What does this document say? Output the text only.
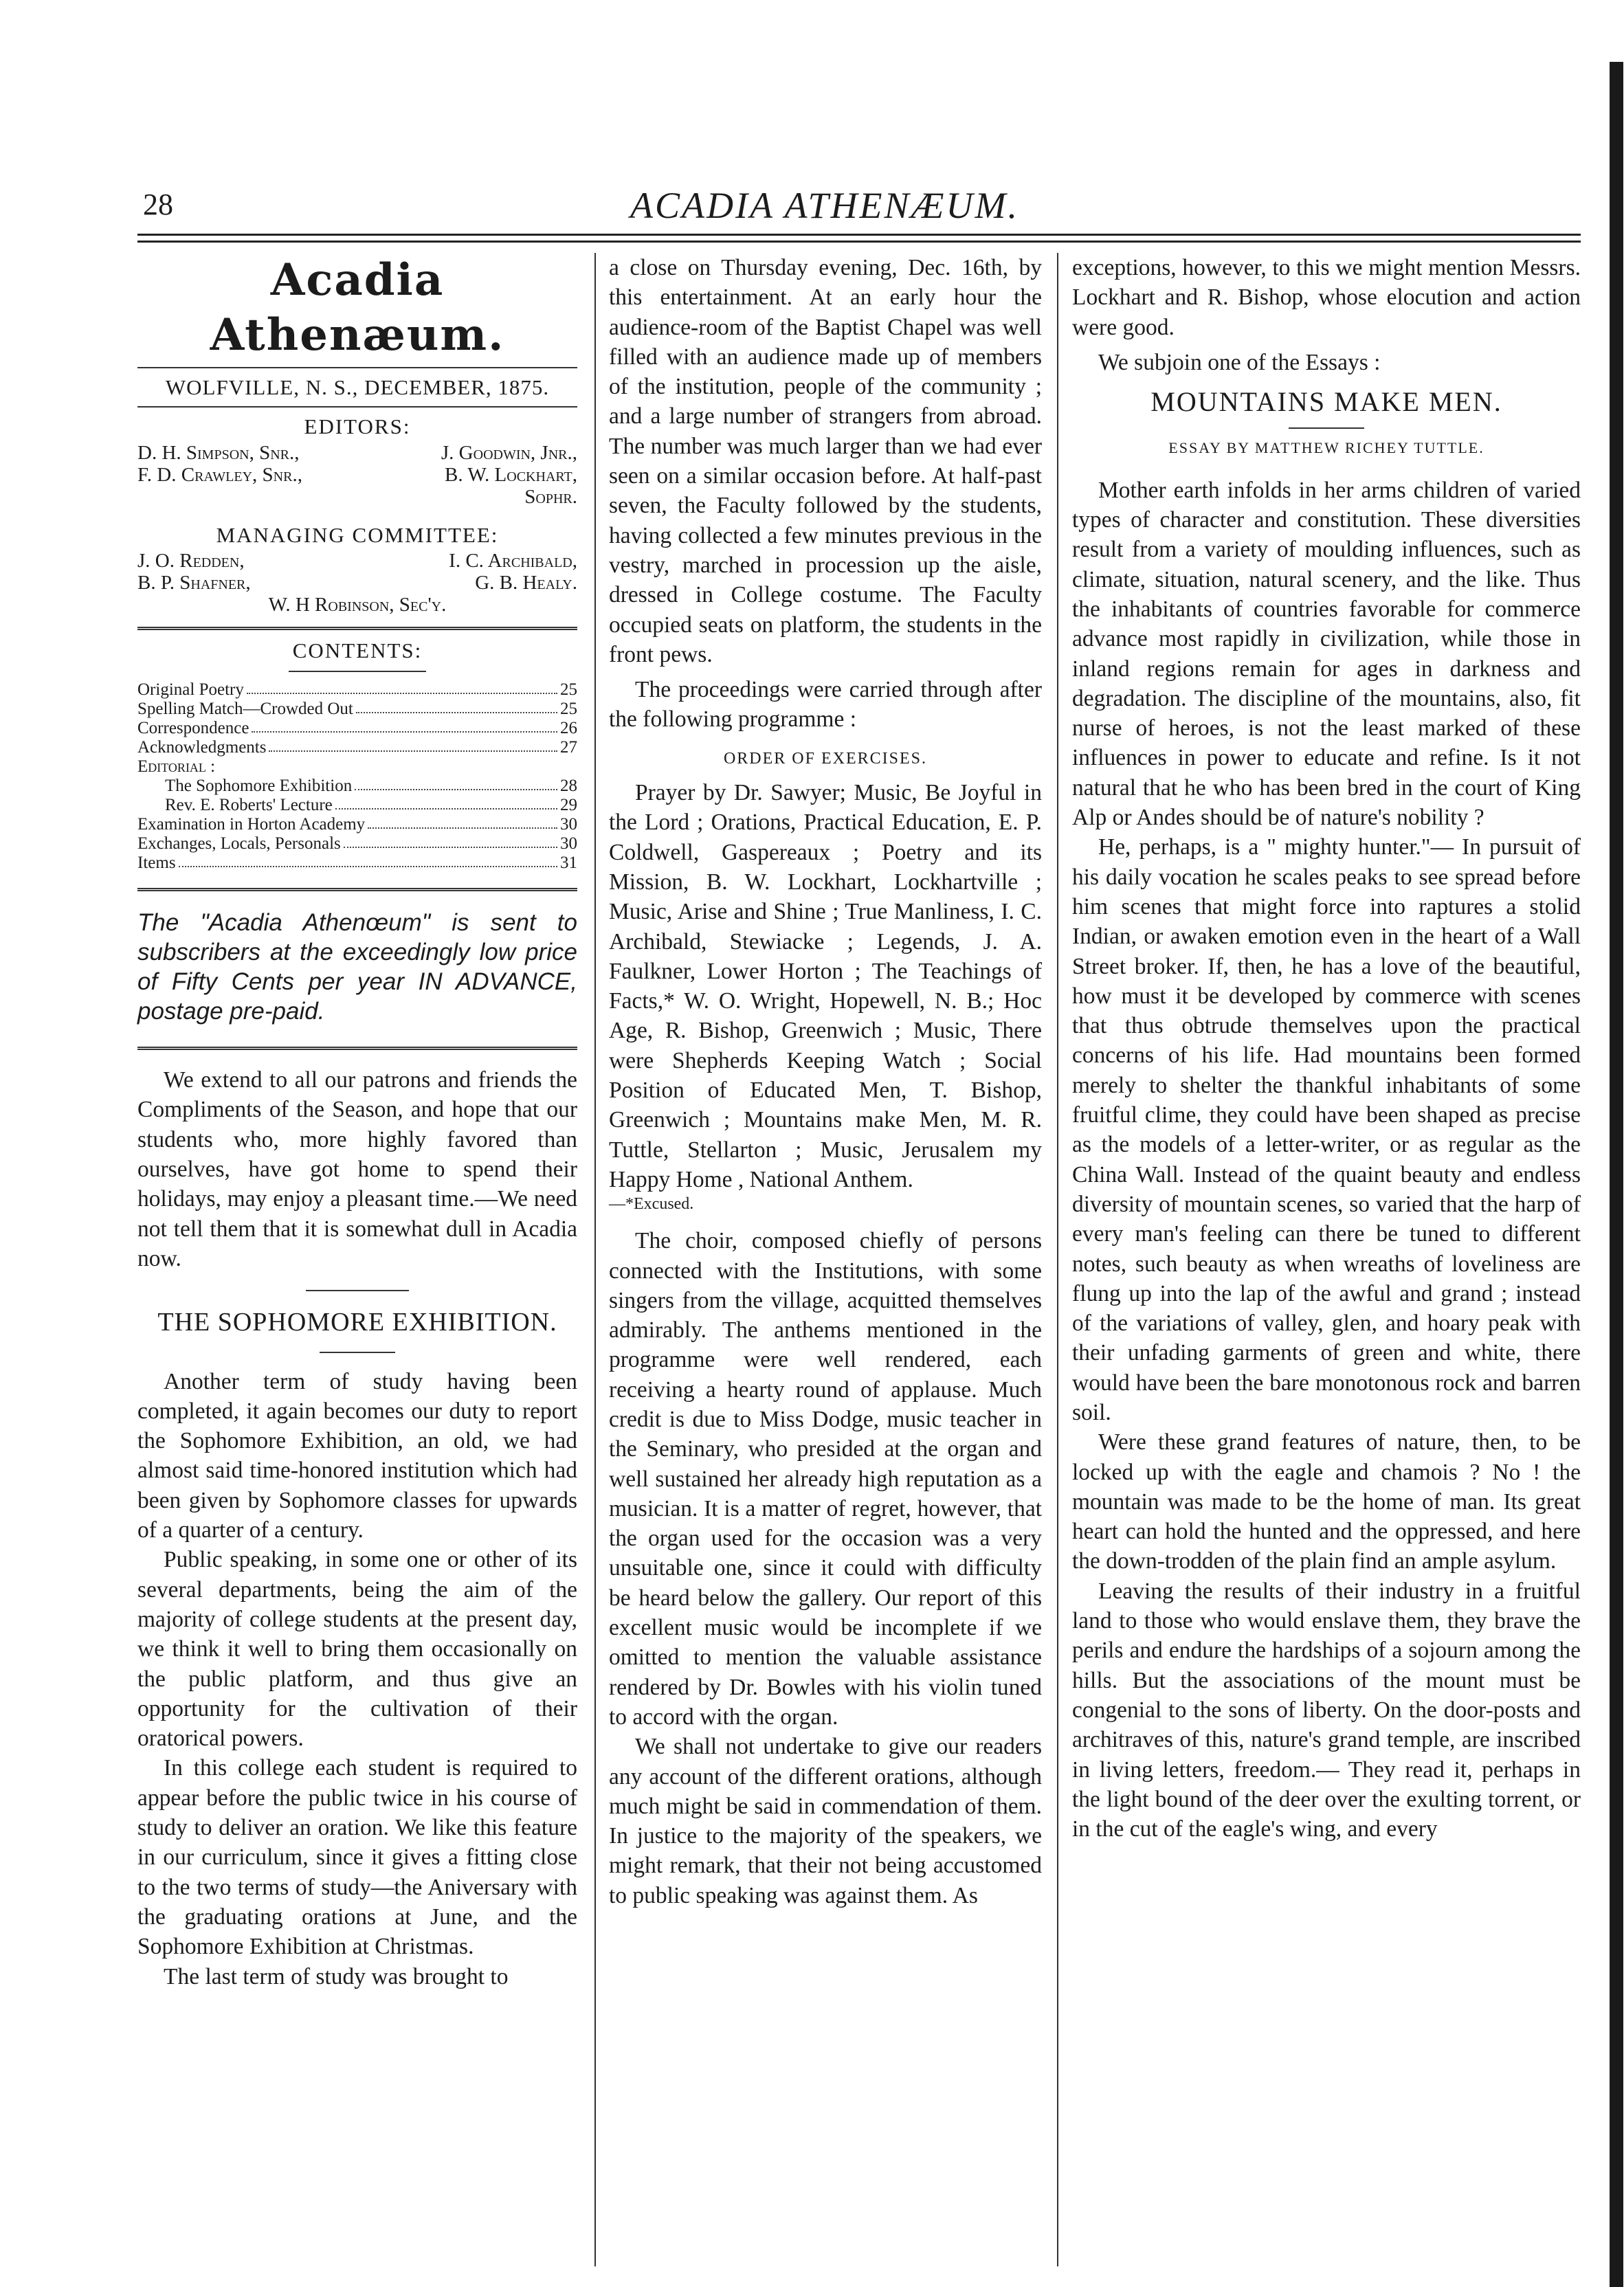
28	ACADIA ATHENÆUM.
Acadia Athenæum.
WOLFVILLE, N. S., DECEMBER, 1875.
EDITORS:
D. H. Simpson, Snr.,	J. Goodwin, Jnr.,
F. D. Crawley, Snr.,	B. W. Lockhart,
Sophr.
MANAGING COMMITTEE:
J. O. Redden,	I. C. Archibald,
B. P. Shafner,	G. B. Healy.
W. H Robinson, Sec'y.
CONTENTS:
Original Poetry	25
Spelling Match—Crowded Out	25
Correspondence	26
Acknowledgments	27
Editorial :
The Sophomore Exhibition	28
Rev. E. Roberts' Lecture	29
Examination in Horton Academy	30
Exchanges, Locals, Personals	30
Items	31
The "Acadia Athenœum" is sent to subscribers at the exceedingly low price of Fifty Cents per year IN ADVANCE, postage pre-paid.

We extend to all our patrons and friends the Compliments of the Season, and hope that our students who, more highly favored than ourselves, have got home to spend their holidays, may enjoy a pleasant time.—We need not tell them that it is somewhat dull in Acadia now.

THE SOPHOMORE EXHIBITION.

Another term of study having been completed, it again becomes our duty to report the Sophomore Exhibition, an old, we had almost said time-honored institution which had been given by Sophomore classes for upwards of a quarter of a century.

Public speaking, in some one or other of its several departments, being the aim of the majority of college students at the present day, we think it well to bring them occasionally on the public platform, and thus give an opportunity for the cultivation of their oratorical powers.

In this college each student is required to appear before the public twice in his course of study to deliver an oration. We like this feature in our curriculum, since it gives a fitting close to the two terms of study—the Aniversary with the graduating orations at June, and the Sophomore Exhibition at Christmas.

The last term of study was brought to

a close on Thursday evening, Dec. 16th, by this entertainment. At an early hour the audience-room of the Baptist Chapel was well filled with an audience made up of members of the institution, people of the community ; and a large number of strangers from abroad. The number was much larger than we had ever seen on a similar occasion before. At half-past seven, the Faculty followed by the students, having collected a few minutes previous in the vestry, marched in procession up the aisle, dressed in College costume. The Faculty occupied seats on platform, the students in the front pews.

The proceedings were carried through after the following programme :

ORDER OF EXERCISES.

Prayer by Dr. Sawyer; Music, Be Joyful in the Lord ; Orations, Practical Education, E. P. Coldwell, Gaspereaux ; Poetry and its Mission, B. W. Lockhart, Lockhartville ; Music, Arise and Shine ; True Manliness, I. C. Archibald, Stewiacke ; Legends, J. A. Faulkner, Lower Horton ; The Teachings of Facts,* W. O. Wright, Hopewell, N. B.; Hoc Age, R. Bishop, Greenwich ; Music, There were Shepherds Keeping Watch ; Social Position of Educated Men, T. Bishop, Greenwich ; Mountains make Men, M. R. Tuttle, Stellarton ; Music, Jerusalem my Happy Home , National Anthem.

—*Excused.

The choir, composed chiefly of persons connected with the Institutions, with some singers from the village, acquitted themselves admirably. The anthems mentioned in the programme were well rendered, each receiving a hearty round of applause. Much credit is due to Miss Dodge, music teacher in the Seminary, who presided at the organ and well sustained her already high reputation as a musician. It is a matter of regret, however, that the organ used for the occasion was a very unsuitable one, since it could with difficulty be heard below the gallery. Our report of this excellent music would be incomplete if we omitted to mention the valuable assistance rendered by Dr. Bowles with his violin tuned to accord with the organ.

We shall not undertake to give our readers any account of the different orations, although much might be said in commendation of them. In justice to the majority of the speakers, we might remark, that their not being accustomed to public speaking was against them. As

exceptions, however, to this we might mention Messrs. Lockhart and R. Bishop, whose elocution and action were good.

We subjoin one of the Essays :

MOUNTAINS MAKE MEN.
ESSAY BY MATTHEW RICHEY TUTTLE.

Mother earth infolds in her arms children of varied types of character and constitution. These diversities result from a variety of moulding influences, such as climate, situation, natural scenery, and the like. Thus the inhabitants of countries favorable for commerce advance most rapidly in civilization, while those in inland regions remain for ages in darkness and degradation. The discipline of the mountains, also, fit nurse of heroes, is not the least marked of these influences in power to educate and refine. Is it not natural that he who has been bred in the court of King Alp or Andes should be of nature's nobility ?

He, perhaps, is a " mighty hunter."— In pursuit of his daily vocation he scales peaks to see spread before him scenes that might force into raptures a stolid Indian, or awaken emotion even in the heart of a Wall Street broker. If, then, he has a love of the beautiful, how must it be developed by commerce with scenes that thus obtrude themselves upon the practical concerns of his life. Had mountains been formed merely to shelter the thankful inhabitants of some fruitful clime, they could have been shaped as precise as the models of a letter-writer, or as regular as the China Wall. Instead of the quaint beauty and endless diversity of mountain scenes, so varied that the harp of every man's feeling can there be tuned to different notes, such beauty as when wreaths of loveliness are flung up into the lap of the awful and grand ; instead of the variations of valley, glen, and hoary peak with their unfading garments of green and white, there would have been the bare monotonous rock and barren soil.

Were these grand features of nature, then, to be locked up with the eagle and chamois ? No ! the mountain was made to be the home of man. Its great heart can hold the hunted and the oppressed, and here the down-trodden of the plain find an ample asylum.

Leaving the results of their industry in a fruitful land to those who would enslave them, they brave the perils and endure the hardships of a sojourn among the hills. But the associations of the mount must be congenial to the sons of liberty. On the door-posts and architraves of this, nature's grand temple, are inscribed in living letters, freedom.— They read it, perhaps in the light bound of the deer over the exulting torrent, or in the cut of the eagle's wing, and every
